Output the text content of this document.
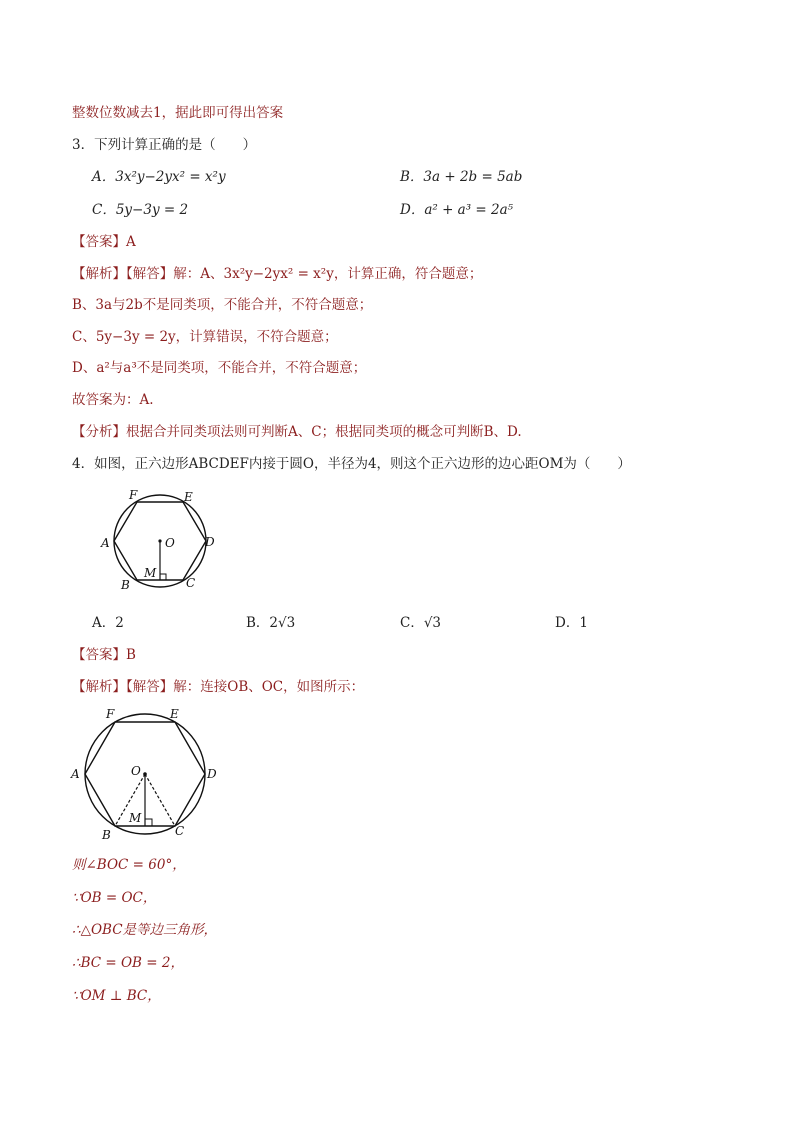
整数位数减去1，据此即可得出答案
3．下列计算正确的是（　　）
A．3x²y−2yx² = x²y	B．3a + 2b = 5ab
C．5y−3y = 2	D．a² + a³ = 2a⁵
【答案】A
【解析】【解答】解：A、3x²y−2yx² = x²y，计算正确，符合题意；
B、3a与2b不是同类项，不能合并，不符合题意；
C、5y−3y = 2y，计算错误，不符合题意；
D、a²与a³不是同类项，不能合并，不符合题意；
故答案为：A.
【分析】根据合并同类项法则可判断A、C；根据同类项的概念可判断B、D.
4．如图，正六边形ABCDEF内接于圆O，半径为4，则这个正六边形的边心距OM为（　　）
F	E
A	O	D
M
B	C
A．2	B．2√3	C．√3	D．1
【答案】B
【解析】【解答】解：连接OB、OC，如图所示：
F	E
A	O	D
M
B	C
则∠BOC = 60°，
∵OB = OC，
∴△OBC是等边三角形，
∴BC = OB = 2，
∵OM ⊥ BC，
